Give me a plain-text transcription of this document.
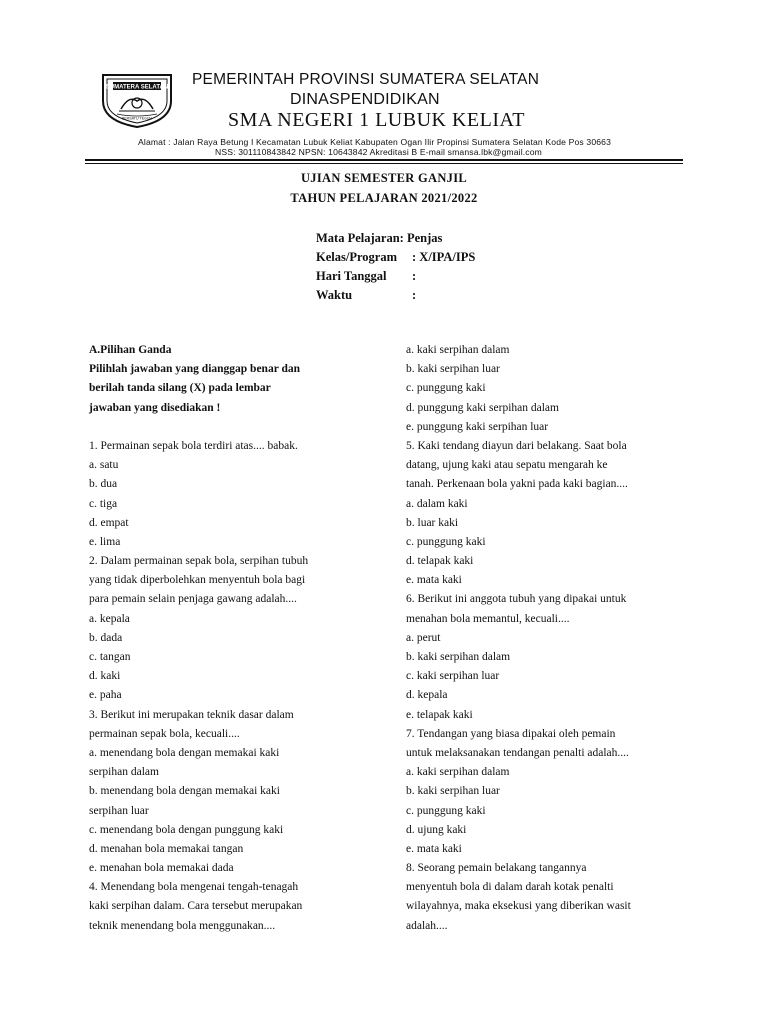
SUMATERA SELATAN
BERSATU TEGUH
PEMERINTAH PROVINSI SUMATERA SELATAN
DINASPENDIDIKAN
SMA NEGERI 1 LUBUK KELIAT
Alamat : Jalan Raya Betung I Kecamatan Lubuk Keliat Kabupaten Ogan Ilir Propinsi Sumatera Selatan Kode Pos 30663
NSS: 301110843842 NPSN: 10643842 Akreditasi B E-mail smansa.lbk@gmail.com
UJIAN SEMESTER GANJIL
TAHUN PELAJARAN 2021/2022
Mata Pelajaran: Penjas
Kelas/Program : X/IPA/IPS
Hari Tanggal :
Waktu	:
A.Pilihan Ganda
Pilihlah jawaban yang dianggap benar dan
berilah tanda silang (X) pada lembar
jawaban yang disediakan !
1. Permainan sepak bola terdiri atas.... babak.
a. satu
b. dua
c. tiga
d. empat
e. lima
2. Dalam permainan sepak bola, serpihan tubuh
yang tidak diperbolehkan menyentuh bola bagi
para pemain selain penjaga gawang adalah....
a. kepala
b. dada
c. tangan
d. kaki
e. paha
3. Berikut ini merupakan teknik dasar dalam
permainan sepak bola, kecuali....
a. menendang bola dengan memakai kaki
serpihan dalam
b. menendang bola dengan memakai kaki
serpihan luar
c. menendang bola dengan punggung kaki
d. menahan bola memakai tangan
e. menahan bola memakai dada
4. Menendang bola mengenai tengah-tenagah
kaki serpihan dalam. Cara tersebut merupakan
teknik menendang bola menggunakan....
a. kaki serpihan dalam
b. kaki serpihan luar
c. punggung kaki
d. punggung kaki serpihan dalam
e. punggung kaki serpihan luar
5. Kaki tendang diayun dari belakang. Saat bola
datang, ujung kaki atau sepatu mengarah ke
tanah. Perkenaan bola yakni pada kaki bagian....
a. dalam kaki
b. luar kaki
c. punggung kaki
d. telapak kaki
e. mata kaki
6. Berikut ini anggota tubuh yang dipakai untuk
menahan bola memantul, kecuali....
a. perut
b. kaki serpihan dalam
c. kaki serpihan luar
d. kepala
e. telapak kaki
7. Tendangan yang biasa dipakai oleh pemain
untuk melaksanakan tendangan penalti adalah....
a. kaki serpihan dalam
b. kaki serpihan luar
c. punggung kaki
d. ujung kaki
e. mata kaki
8. Seorang pemain belakang tangannya
menyentuh bola di dalam darah kotak penalti
wilayahnya, maka eksekusi yang diberikan wasit
adalah....
